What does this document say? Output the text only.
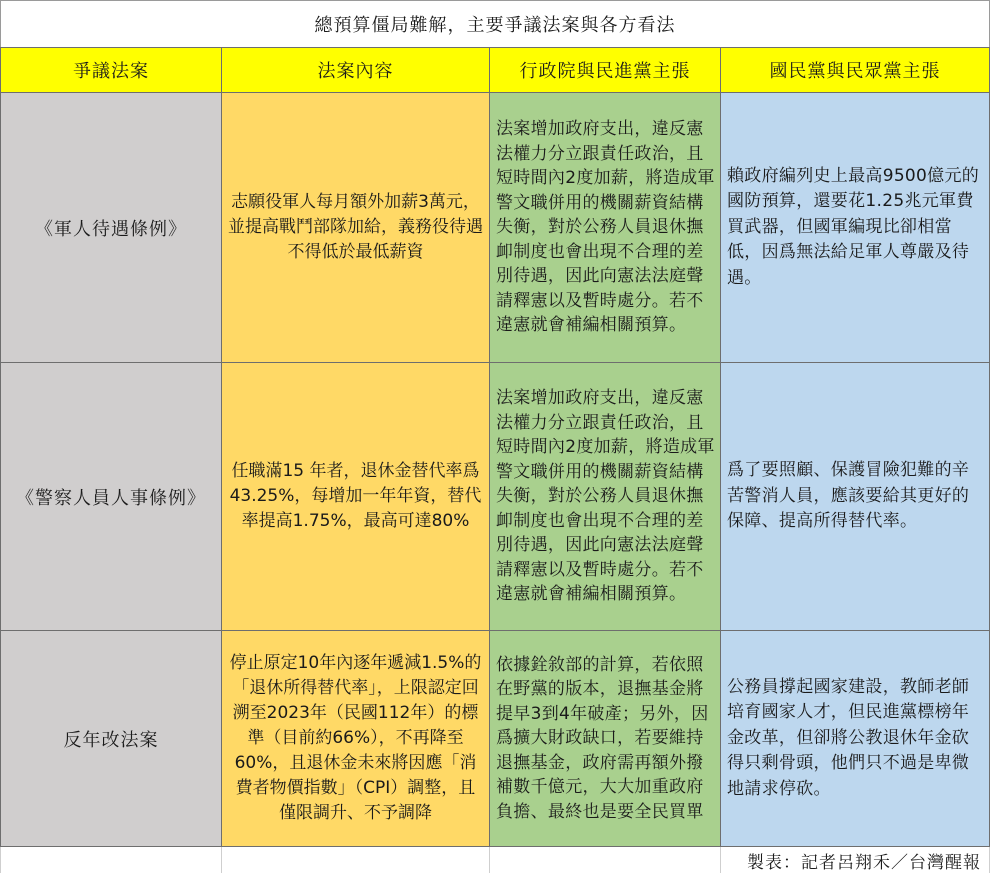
總預算僵局難解，主要爭議法案與各方看法
爭議法案	法案內容	行政院與民進黨主張	國民黨與民眾黨主張
《軍人待遇條例》	志願役軍人每月額外加薪3萬元，並提高戰鬥部隊加給，義務役待遇不得低於最低薪資	法案增加政府支出，違反憲法權力分立跟責任政治，且短時間內2度加薪，將造成軍警文職併用的機關薪資結構失衡，對於公務人員退休撫卹制度也會出現不合理的差別待遇，因此向憲法法庭聲請釋憲以及暫時處分。若不違憲就會補編相關預算。	賴政府編列史上最高9500億元的國防預算，還要花1.25兆元軍費買武器，但國軍編現比卻相當低，因爲無法給足軍人尊嚴及待遇。
《警察人員人事條例》	任職滿15 年者，退休金替代率爲43.25%，每增加一年年資，替代率提高1.75%，最高可達80%	法案增加政府支出，違反憲法權力分立跟責任政治，且短時間內2度加薪，將造成軍警文職併用的機關薪資結構失衡，對於公務人員退休撫卹制度也會出現不合理的差別待遇，因此向憲法法庭聲請釋憲以及暫時處分。若不違憲就會補編相關預算。	爲了要照顧、保護冒險犯難的辛苦警消人員，應該要給其更好的保障、提高所得替代率。
反年改法案	停止原定10年內逐年遞減1.5%的「退休所得替代率」，上限認定回溯至2023年（民國112年）的標準（目前約66%），不再降至60%，且退休金未來將因應「消費者物價指數」（CPI）調整，且僅限調升、不予調降	依據銓敘部的計算，若依照在野黨的版本，退撫基金將提早3到4年破產；另外，因爲擴大財政缺口，若要維持退撫基金，政府需再額外撥補數千億元，大大加重政府負擔、最終也是要全民買單	公務員撐起國家建設，教師老師培育國家人才，但民進黨標榜年金改革，但卻將公教退休年金砍得只剩骨頭，他們只不過是卑微地請求停砍。
			製表：記者呂翔禾／台灣醒報
